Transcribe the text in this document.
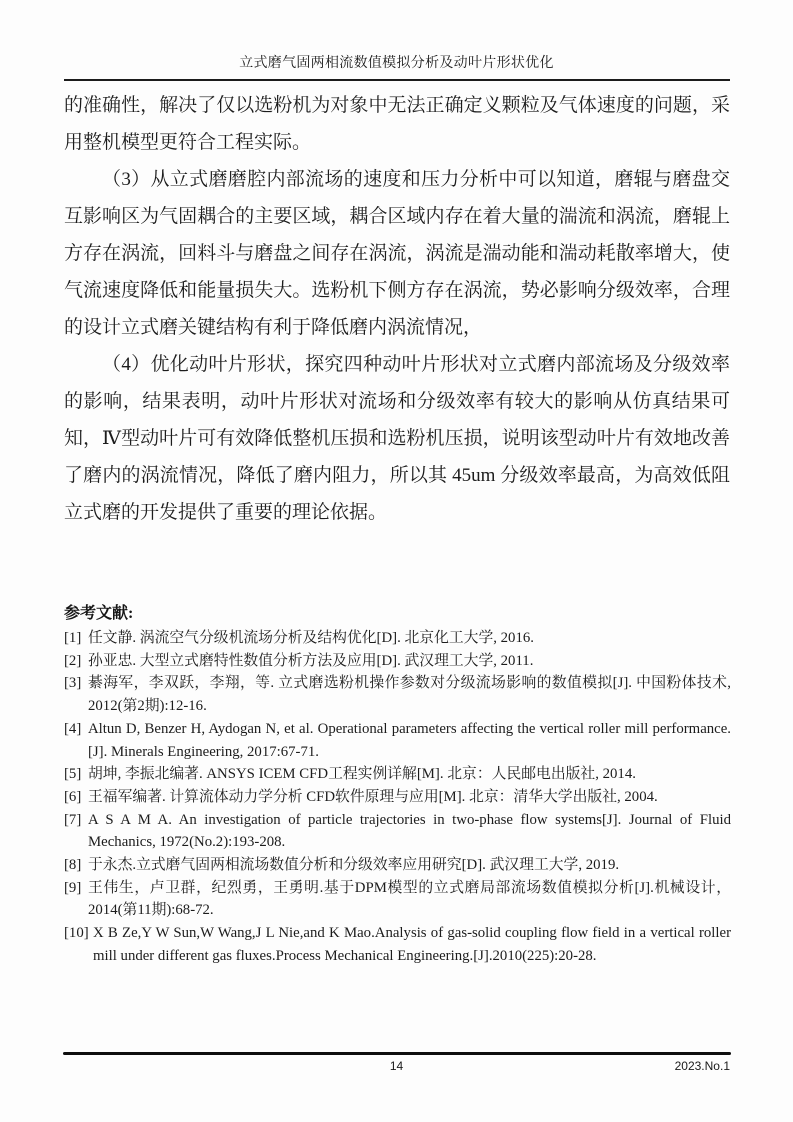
立式磨气固两相流数值模拟分析及动叶片形状优化

的准确性，解决了仅以选粉机为对象中无法正确定义颗粒及气体速度的问题，采用整机模型更符合工程实际。

（3）从立式磨磨腔内部流场的速度和压力分析中可以知道，磨辊与磨盘交互影响区为气固耦合的主要区域，耦合区域内存在着大量的湍流和涡流，磨辊上方存在涡流，回料斗与磨盘之间存在涡流，涡流是湍动能和湍动耗散率增大，使气流速度降低和能量损失大。选粉机下侧方存在涡流，势必影响分级效率，合理的设计立式磨关键结构有利于降低磨内涡流情况，

（4）优化动叶片形状，探究四种动叶片形状对立式磨内部流场及分级效率的影响，结果表明，动叶片形状对流场和分级效率有较大的影响从仿真结果可知，Ⅳ型动叶片可有效降低整机压损和选粉机压损，说明该型动叶片有效地改善了磨内的涡流情况，降低了磨内阻力，所以其 45um 分级效率最高，为高效低阻立式磨的开发提供了重要的理论依据。

参考文献:
[1] 任文静. 涡流空气分级机流场分析及结构优化[D]. 北京化工大学, 2016.
[2] 孙亚忠. 大型立式磨特性数值分析方法及应用[D]. 武汉理工大学, 2011.
[3] 綦海军，李双跃，李翔，等. 立式磨选粉机操作参数对分级流场影响的数值模拟[J]. 中国粉体技术, 2012(第2期):12-16.
[4] Altun D, Benzer H, Aydogan N, et al. Operational parameters affecting the vertical roller mill performance.[J]. Minerals Engineering, 2017:67-71.
[5] 胡坤, 李振北编著. ANSYS ICEM CFD工程实例详解[M]. 北京：人民邮电出版社, 2014.
[6] 王福军编著. 计算流体动力学分析 CFD软件原理与应用[M]. 北京：清华大学出版社, 2004.
[7] A S A M A. An investigation of particle trajectories in two-phase flow systems[J]. Journal of Fluid Mechanics, 1972(No.2):193-208.
[8] 于永杰.立式磨气固两相流场数值分析和分级效率应用研究[D]. 武汉理工大学, 2019.
[9] 王伟生，卢卫群，纪烈勇，王勇明.基于DPM模型的立式磨局部流场数值模拟分析[J].机械设计，2014(第11期):68-72.
[10] X B Ze,Y W Sun,W Wang,J L Nie,and K Mao.Analysis of gas-solid coupling flow field in a vertical roller mill under different gas fluxes.Process Mechanical Engineering.[J].2010(225):20-28.
14	2023.No.1
